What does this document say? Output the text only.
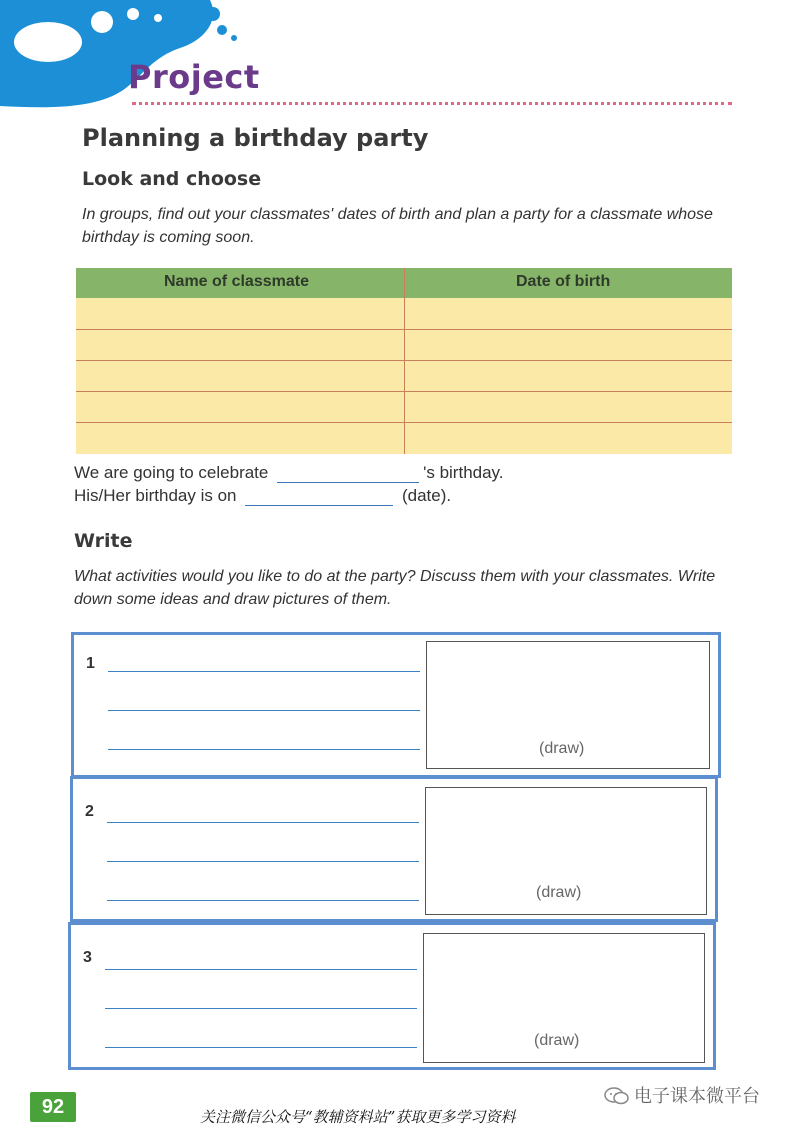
Project
Planning a birthday party
Look and choose
In groups, find out your classmates' dates of birth and plan a party for a classmate whose birthday is coming soon.
Name of classmate	Date of birth
We are going to celebrate	's birthday.
His/Her birthday is on	(date).
Write
What activities would you like to do at the party? Discuss them with your classmates. Write down some ideas and draw pictures of them.
1
(draw)
2
(draw)
3
(draw)
92	关注微信公众号“教辅资料站”获取更多学习资料
电子课本微平台
